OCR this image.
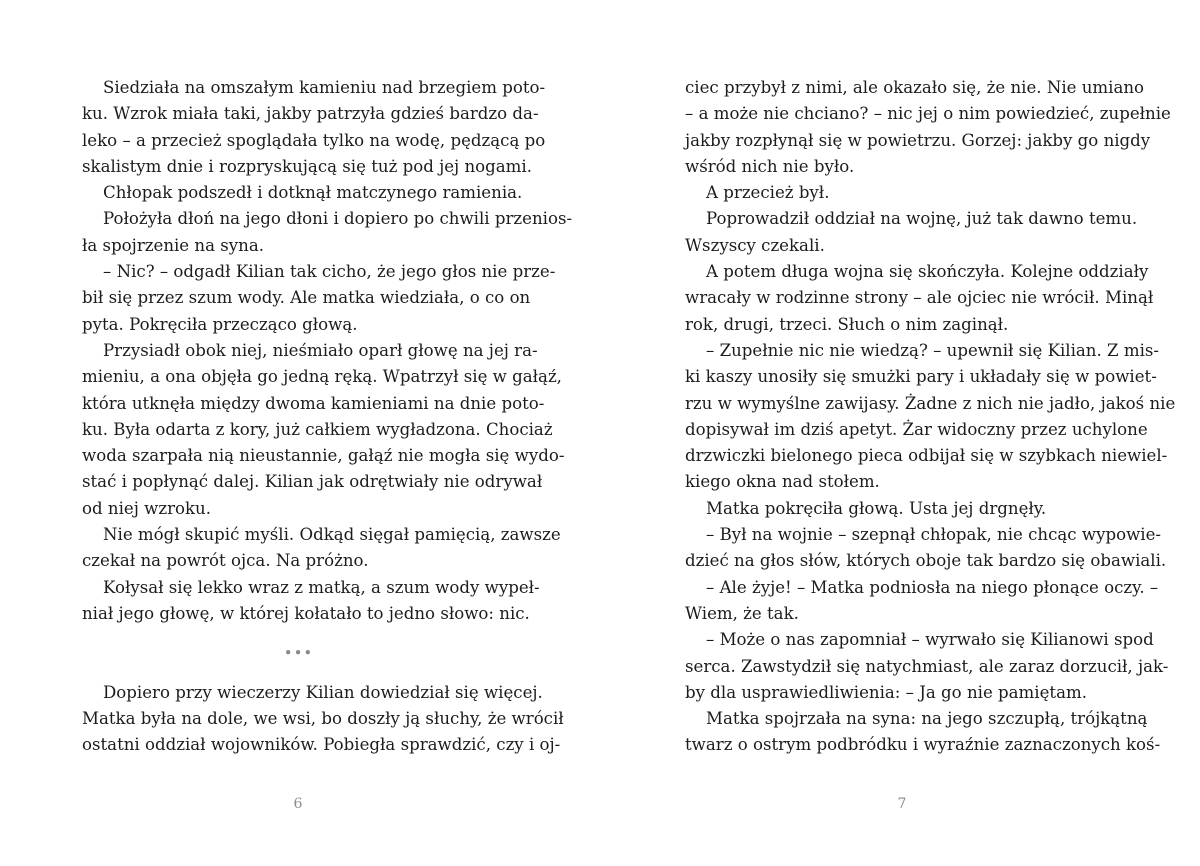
Siedziała na omszałym kamieniu nad brzegiem poto-
ku. Wzrok miała taki, jakby patrzyła gdzieś bardzo da-
leko – a przecież spoglądała tylko na wodę, pędzącą po
skalistym dnie i rozpryskującą się tuż pod jej nogami.
Chłopak podszedł i dotknął matczynego ramienia.
Położyła dłoń na jego dłoni i dopiero po chwili przenios-
ła spojrzenie na syna.
– Nic? – odgadł Kilian tak cicho, że jego głos nie prze-
bił się przez szum wody. Ale matka wiedziała, o co on
pyta. Pokręciła przecząco głową.
Przysiadł obok niej, nieśmiało oparł głowę na jej ra-
mieniu, a ona objęła go jedną ręką. Wpatrzył się w gałąź,
która utknęła między dwoma kamieniami na dnie poto-
ku. Była odarta z kory, już całkiem wygładzona. Chociaż
woda szarpała nią nieustannie, gałąź nie mogła się wydo-
stać i popłynąć dalej. Kilian jak odrętwiały nie odrywał
od niej wzroku.
Nie mógł skupić myśli. Odkąd sięgał pamięcią, zawsze
czekał na powrót ojca. Na próżno.
Kołysał się lekko wraz z matką, a szum wody wypeł-
niał jego głowę, w której kołatało to jedno słowo: nic.
•••
Dopiero przy wieczerzy Kilian dowiedział się więcej.
Matka była na dole, we wsi, bo doszły ją słuchy, że wrócił
ostatni oddział wojowników. Pobiegła sprawdzić, czy i oj-
6
ciec przybył z nimi, ale okazało się, że nie. Nie umiano
– a może nie chciano? – nic jej o nim powiedzieć, zupełnie
jakby rozpłynął się w powietrzu. Gorzej: jakby go nigdy
wśród nich nie było.
A przecież był.
Poprowadził oddział na wojnę, już tak dawno temu.
Wszyscy czekali.
A potem długa wojna się skończyła. Kolejne oddziały
wracały w rodzinne strony – ale ojciec nie wrócił. Minął
rok, drugi, trzeci. Słuch o nim zaginął.
– Zupełnie nic nie wiedzą? – upewnił się Kilian. Z mis-
ki kaszy unosiły się smużki pary i układały się w powiet-
rzu w wymyślne zawijasy. Żadne z nich nie jadło, jakoś nie
dopisywał im dziś apetyt. Żar widoczny przez uchylone
drzwiczki bielonego pieca odbijał się w szybkach niewiel-
kiego okna nad stołem.
Matka pokręciła głową. Usta jej drgnęły.
– Był na wojnie – szepnął chłopak, nie chcąc wypowie-
dzieć na głos słów, których oboje tak bardzo się obawiali.
– Ale żyje! – Matka podniosła na niego płonące oczy. –
Wiem, że tak.
– Może o nas zapomniał – wyrwało się Kilianowi spod
serca. Zawstydził się natychmiast, ale zaraz dorzucił, jak-
by dla usprawiedliwienia: – Ja go nie pamiętam.
Matka spojrzała na syna: na jego szczupłą, trójkątną
twarz o ostrym podbródku i wyraźnie zaznaczonych koś-
7
